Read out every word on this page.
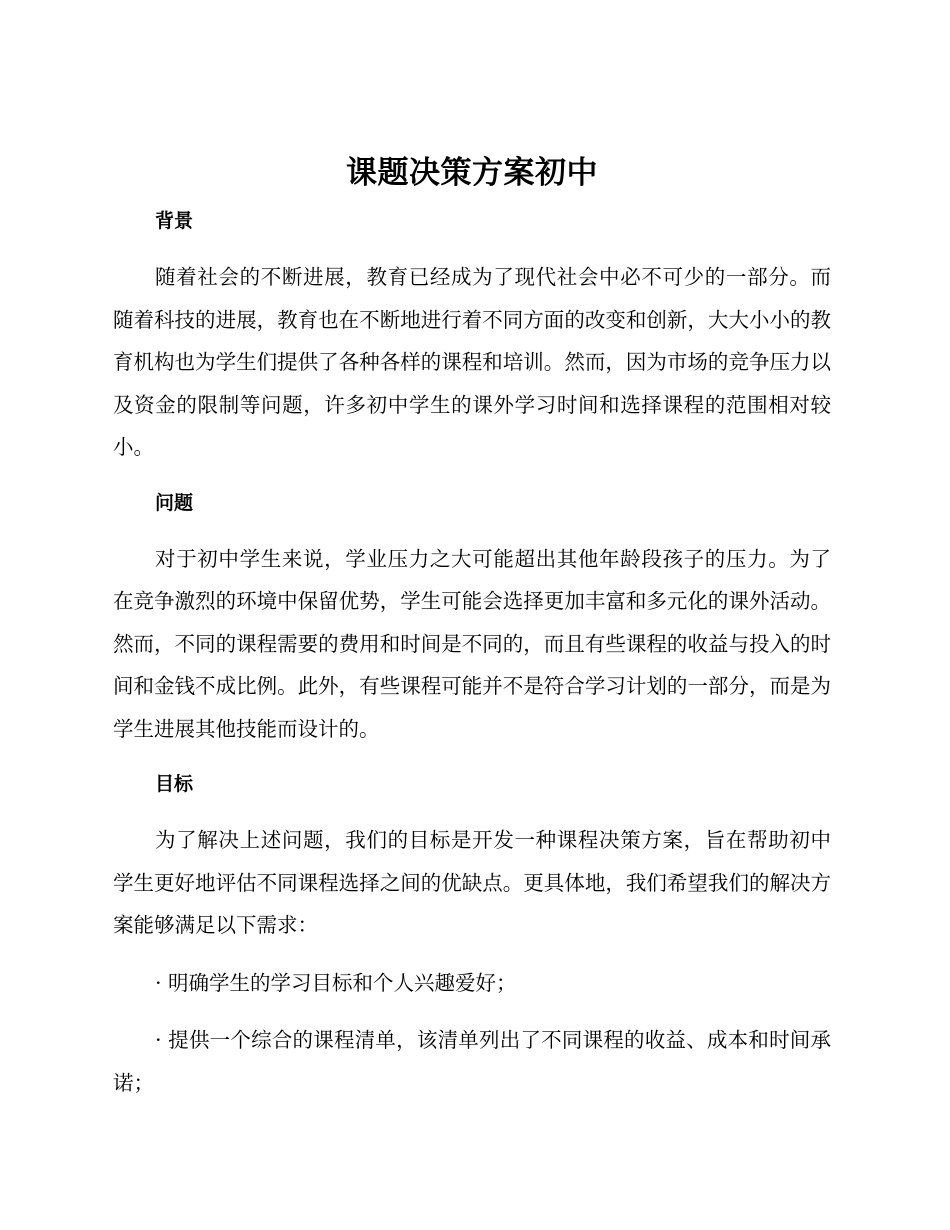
课题决策方案初中
背景

随着社会的不断进展，教育已经成为了现代社会中必不可少的一部分。而随着科技的进展，教育也在不断地进行着不同方面的改变和创新，大大小小的教育机构也为学生们提供了各种各样的课程和培训。然而，因为市场的竞争压力以及资金的限制等问题，许多初中学生的课外学习时间和选择课程的范围相对较小。

问题

对于初中学生来说，学业压力之大可能超出其他年龄段孩子的压力。为了在竞争激烈的环境中保留优势，学生可能会选择更加丰富和多元化的课外活动。然而，不同的课程需要的费用和时间是不同的，而且有些课程的收益与投入的时间和金钱不成比例。此外，有些课程可能并不是符合学习计划的一部分，而是为学生进展其他技能而设计的。

目标

为了解决上述问题，我们的目标是开发一种课程决策方案，旨在帮助初中学生更好地评估不同课程选择之间的优缺点。更具体地，我们希望我们的解决方案能够满足以下需求：

· 明确学生的学习目标和个人兴趣爱好；

· 提供一个综合的课程清单，该清单列出了不同课程的收益、成本和时间承诺；
